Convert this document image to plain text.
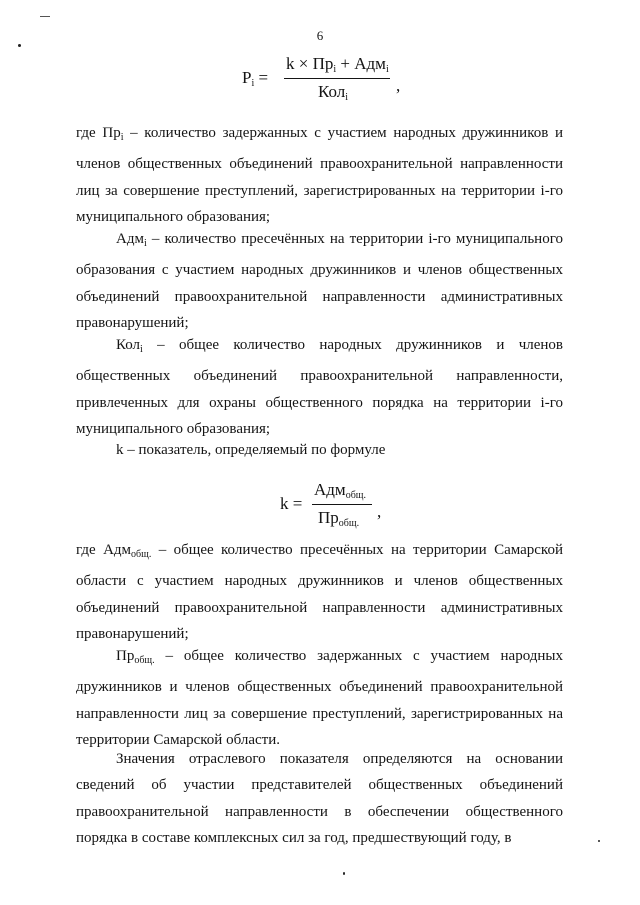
6
$P_i$ =
$k \times Пр_i + Адм_i$
Кол$_i$
,

где $Пр_i$ – количество задержанных с участием народных дружинников и членов общественных объединений правоохранительной направленности лиц за совершение преступлений, зарегистрированных на территории i-го муниципального образования;

Адм$_i$ – количество пресечённых на территории i-го муниципального образования с участием народных дружинников и членов общественных объединений правоохранительной направленности административных правонарушений;

Кол$_i$ – общее количество народных дружинников и членов общественных объединений правоохранительной направленности, привлеченных для охраны общественного порядка на территории i-го муниципального образования;

k – показатель, определяемый по формуле

k =
Адм$_{общ.}$
$Пр_{общ.}$
,

где Адм$_{общ.}$ – общее количество пресечённых на территории Самарской области с участием народных дружинников и членов общественных объединений правоохранительной направленности административных правонарушений;

$Пр_{общ.}$ – общее количество задержанных с участием народных дружинников и членов общественных объединений правоохранительной направленности лиц за совершение преступлений, зарегистрированных на территории Самарской области.

Значения отраслевого показателя определяются на основании сведений об участии представителей общественных объединений правоохранительной направленности в обеспечении общественного порядка в составе комплексных сил за год, предшествующий году, в
